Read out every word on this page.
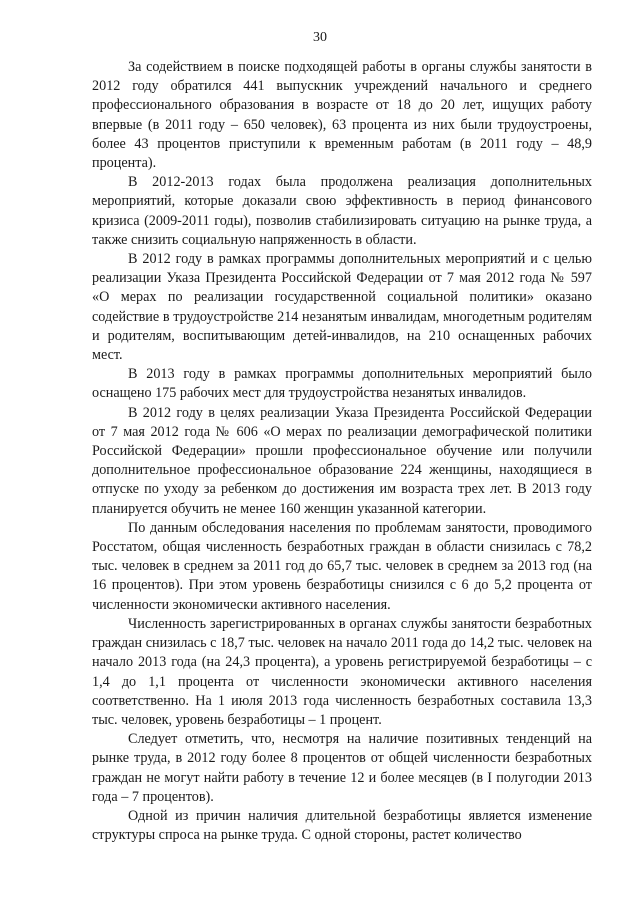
30

За содействием в поиске подходящей работы в органы службы занятости в 2012 году обратился 441 выпускник учреждений начального и среднего профессионального образования в возрасте от 18 до 20 лет, ищущих работу впервые (в 2011 году – 650 человек), 63 процента из них были трудоустроены, более 43 процентов приступили к временным работам (в 2011 году – 48,9 процента).

В 2012-2013 годах была продолжена реализация дополнительных мероприятий, которые доказали свою эффективность в период финансового кризиса (2009-2011 годы), позволив стабилизировать ситуацию на рынке труда, а также снизить социальную напряженность в области.

В 2012 году в рамках программы дополнительных мероприятий и с целью реализации Указа Президента Российской Федерации от 7 мая 2012 года № 597 «О мерах по реализации государственной социальной политики» оказано содействие в трудоустройстве 214 незанятым инвалидам, многодетным родителям и родителям, воспитывающим детей-инвалидов, на 210 оснащенных рабочих мест.

В 2013 году в рамках программы дополнительных мероприятий было оснащено 175 рабочих мест для трудоустройства незанятых инвалидов.

В 2012 году в целях реализации Указа Президента Российской Федерации от 7 мая 2012 года № 606 «О мерах по реализации демографической политики Российской Федерации» прошли профессиональное обучение или получили дополнительное профессиональное образование 224 женщины, находящиеся в отпуске по уходу за ребенком до достижения им возраста трех лет. В 2013 году планируется обучить не менее 160 женщин указанной категории.

По данным обследования населения по проблемам занятости, проводимого Росстатом, общая численность безработных граждан в области снизилась с 78,2 тыс. человек в среднем за 2011 год до 65,7 тыс. человек в среднем за 2013 год (на 16 процентов). При этом уровень безработицы снизился с 6 до 5,2 процента от численности экономически активного населения.

Численность зарегистрированных в органах службы занятости безработных граждан снизилась с 18,7 тыс. человек на начало 2011 года до 14,2 тыс. человек на начало 2013 года (на 24,3 процента), а уровень регистрируемой безработицы – с 1,4 до 1,1 процента от численности экономически активного населения соответственно. На 1 июля 2013 года численность безработных составила 13,3 тыс. человек, уровень безработицы – 1 процент.

Следует отметить, что, несмотря на наличие позитивных тенденций на рынке труда, в 2012 году более 8 процентов от общей численности безработных граждан не могут найти работу в течение 12 и более месяцев (в I полугодии 2013 года – 7 процентов).

Одной из причин наличия длительной безработицы является изменение структуры спроса на рынке труда. С одной стороны, растет количество
